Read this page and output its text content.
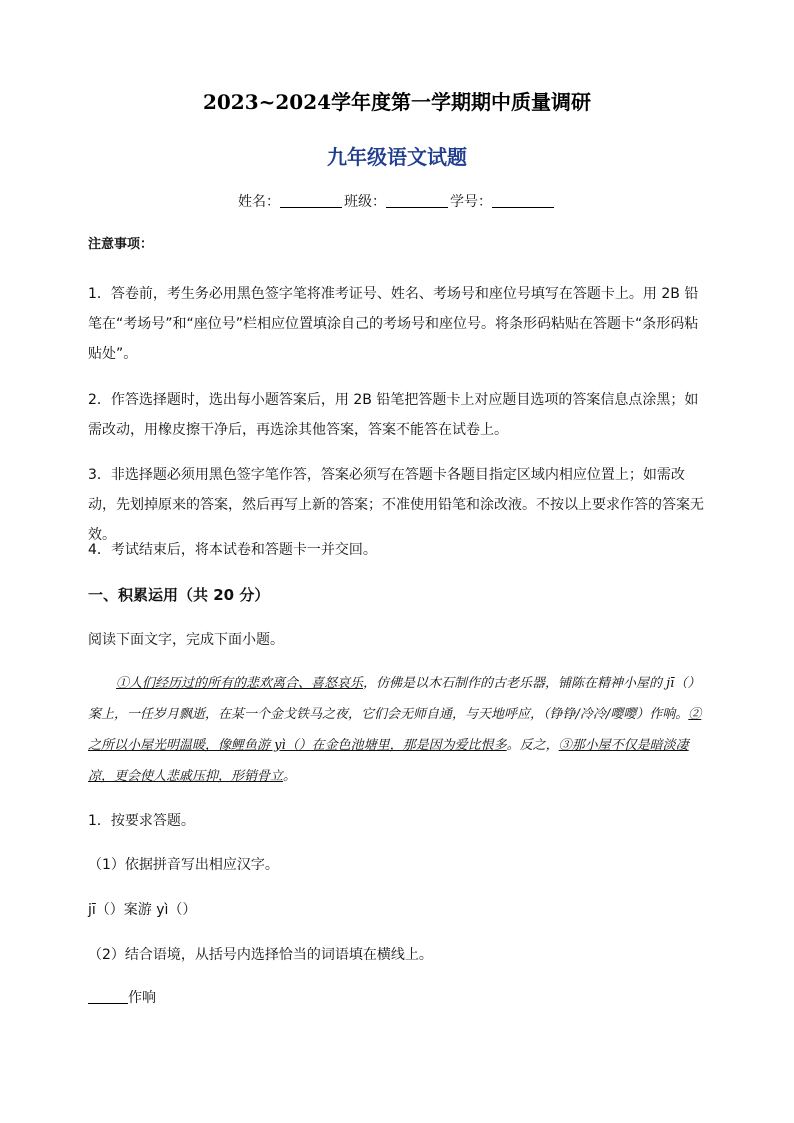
2023~2024学年度第一学期期中质量调研
九年级语文试题
姓名：	班级：	学号：
注意事项：
1．答卷前，考生务必用黑色签字笔将准考证号、姓名、考场号和座位号填写在答题卡上。用 2B 铅笔在“考场号”和“座位号”栏相应位置填涂自己的考场号和座位号。将条形码粘贴在答题卡“条形码粘贴处”。
2．作答选择题时，选出每小题答案后，用 2B 铅笔把答题卡上对应题目选项的答案信息点涂黑；如需改动，用橡皮擦干净后，再选涂其他答案，答案不能答在试卷上。
3．非选择题必须用黑色签字笔作答，答案必须写在答题卡各题目指定区域内相应位置上；如需改动，先划掉原来的答案，然后再写上新的答案；不准使用铅笔和涂改液。不按以上要求作答的答案无效。
4．考试结束后，将本试卷和答题卡一并交回。
一、积累运用（共 20 分）
阅读下面文字，完成下面小题。
①人们经历过的所有的悲欢离合、喜怒哀乐，仿佛是以木石制作的古老乐器，铺陈在精神小屋的 jī（）案上，一任岁月飘逝，在某一个金戈铁马之夜，它们会无师自通，与天地呼应，（铮铮/冷冷/嘤嘤）作响。②之所以小屋光明温暖，像鲤鱼游 yì（）在金色池塘里，那是因为爱比恨多。反之，③那小屋不仅是暗淡凄凉，更会使人悲戚压抑，形销骨立。
1．按要求答题。
（1）依据拼音写出相应汉字。
jī（）案游 yì（）
（2）结合语境，从括号内选择恰当的词语填在横线上。
作响
